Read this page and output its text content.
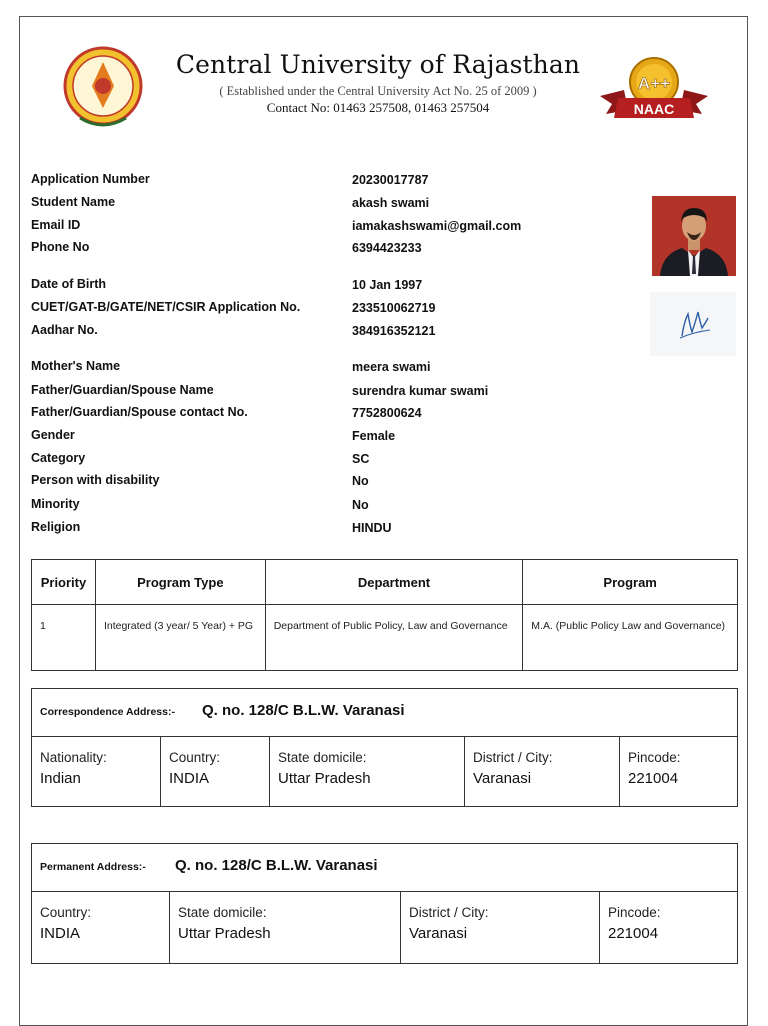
Central University of Rajasthan
( Established under the Central University Act No. 25 of 2009 )
Contact No: 01463 257508, 01463 257504
A++
NAAC
Application Number	20230017787
Student Name	akash swami
Email ID	iamakashswami@gmail.com
Phone No	6394423233
Date of Birth	10 Jan 1997
CUET/GAT-B/GATE/NET/CSIR Application No.	233510062719
Aadhar No.	384916352121
Mother's Name	meera swami
Father/Guardian/Spouse Name	surendra kumar swami
Father/Guardian/Spouse contact No.	7752800624
Gender	Female
Category	SC
Person with disability	No
Minority	No
Religion	HINDU
Priority	Program Type	Department	Program
1	Integrated (3 year/ 5 Year) + PG	Department of Public Policy, Law and Governance	M.A. (Public Policy Law and Governance)
Correspondence Address:- Q. no. 128/C B.L.W. Varanasi
Nationality:
Indian
Country:
INDIA
State domicile:
Uttar Pradesh
District / City:
Varanasi
Pincode:
221004
Permanent Address:- Q. no. 128/C B.L.W. Varanasi
Country:
INDIA
State domicile:
Uttar Pradesh
District / City:
Varanasi
Pincode:
221004
